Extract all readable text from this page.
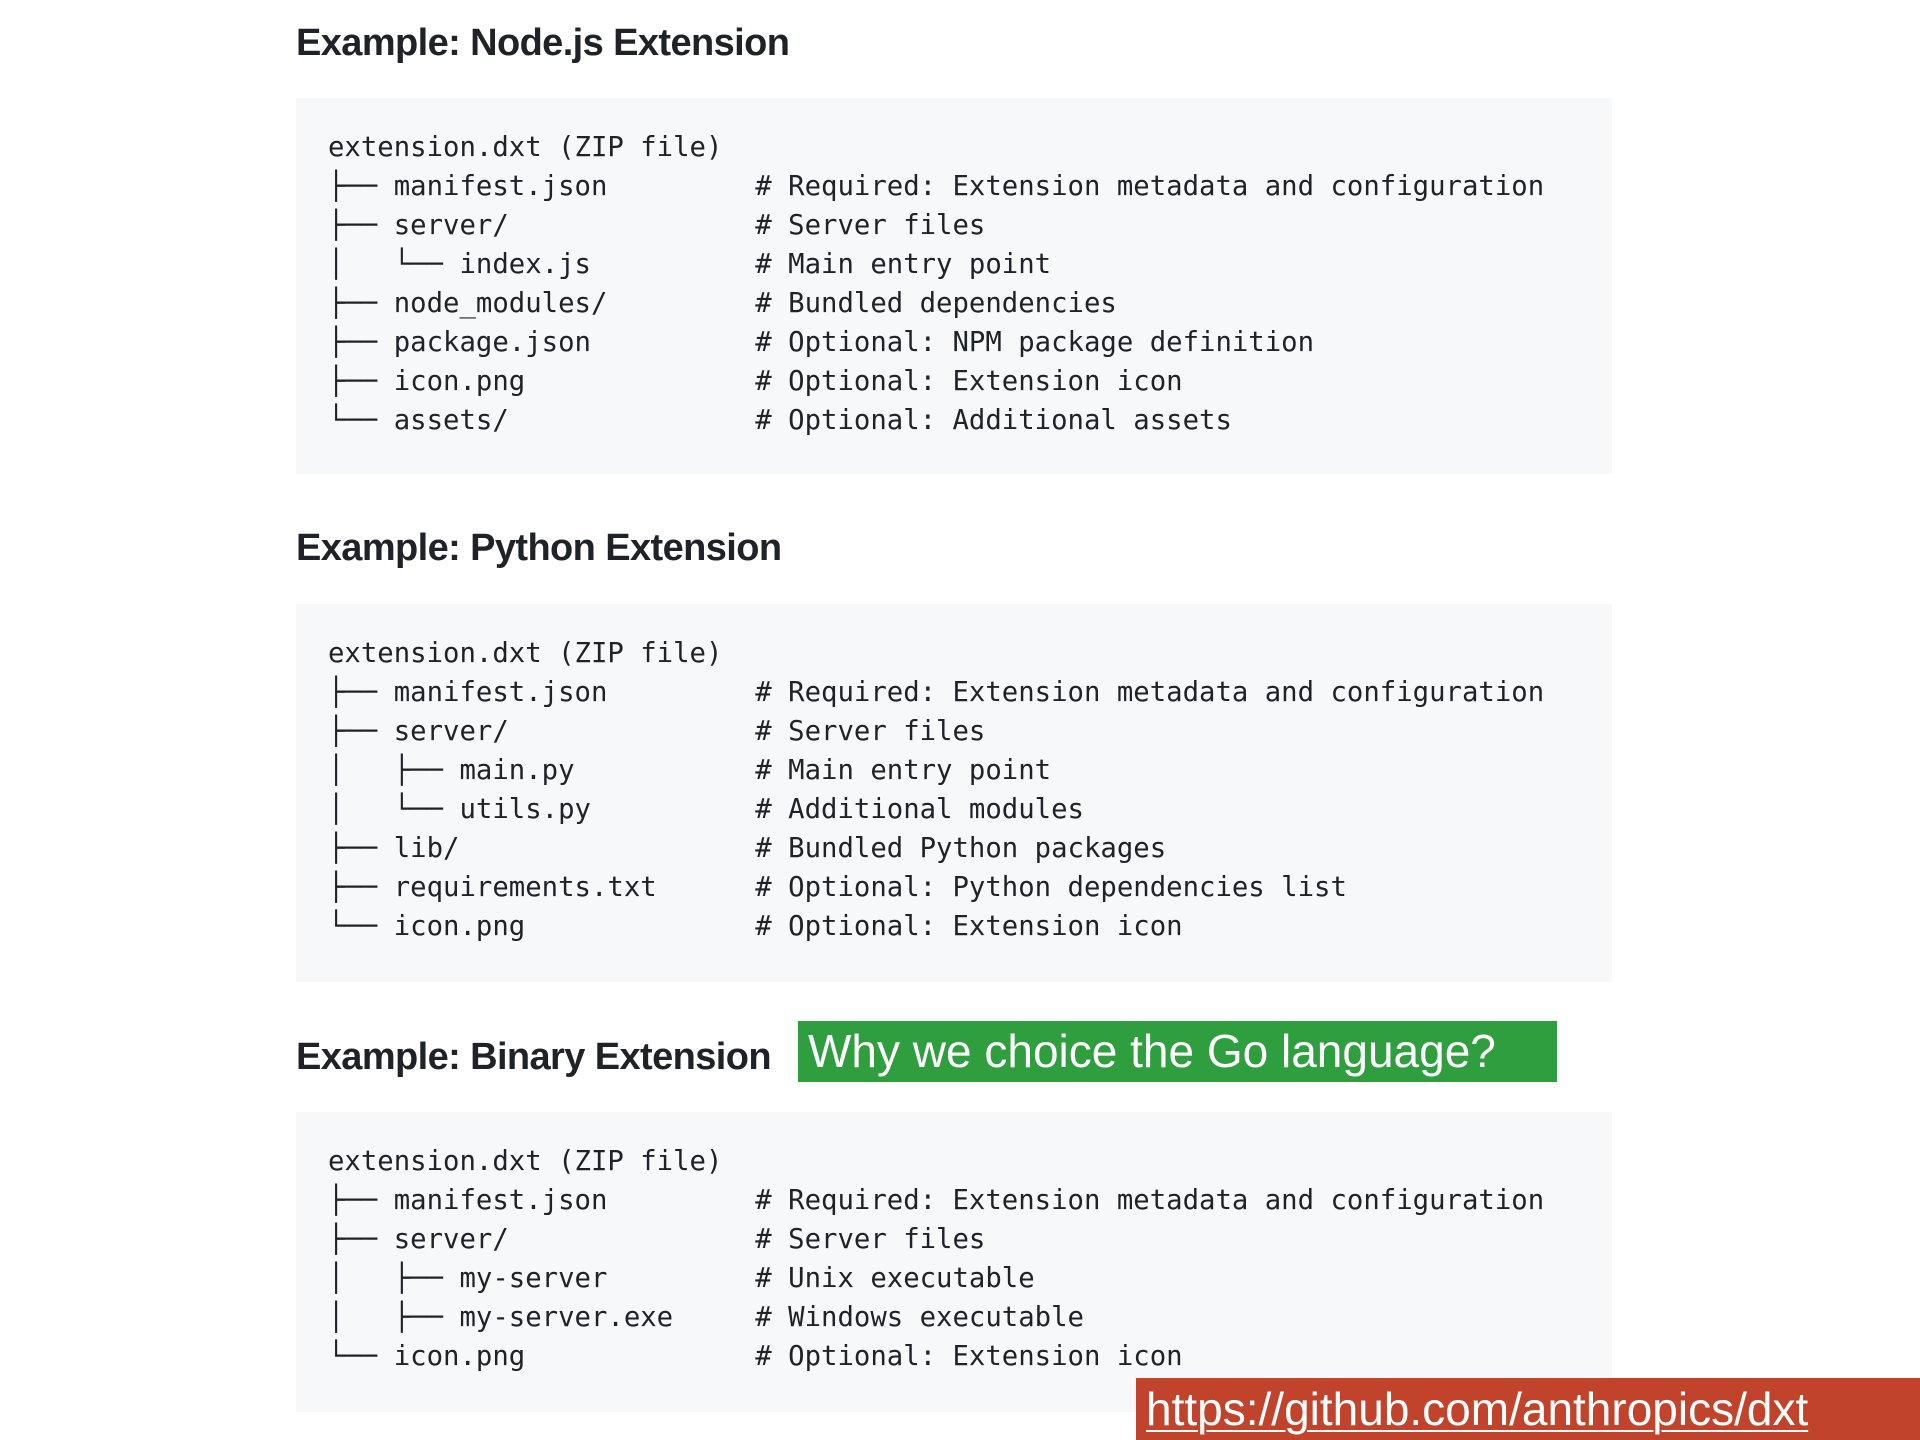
Example: Node.js Extension
extension.dxt (ZIP file)
├── manifest.json         # Required: Extension metadata and configuration
├── server/               # Server files
│   └── index.js          # Main entry point
├── node_modules/         # Bundled dependencies
├── package.json          # Optional: NPM package definition
├── icon.png              # Optional: Extension icon
└── assets/               # Optional: Additional assets
Example: Python Extension
extension.dxt (ZIP file)
├── manifest.json         # Required: Extension metadata and configuration
├── server/               # Server files
│   ├── main.py           # Main entry point
│   └── utils.py          # Additional modules
├── lib/                  # Bundled Python packages
├── requirements.txt      # Optional: Python dependencies list
└── icon.png              # Optional: Extension icon
Example: Binary Extension
extension.dxt (ZIP file)
├── manifest.json         # Required: Extension metadata and configuration
├── server/               # Server files
│   ├── my-server         # Unix executable
│   ├── my-server.exe     # Windows executable
└── icon.png              # Optional: Extension icon
Why we choice the Go language?
https://github.com/anthropics/dxt
